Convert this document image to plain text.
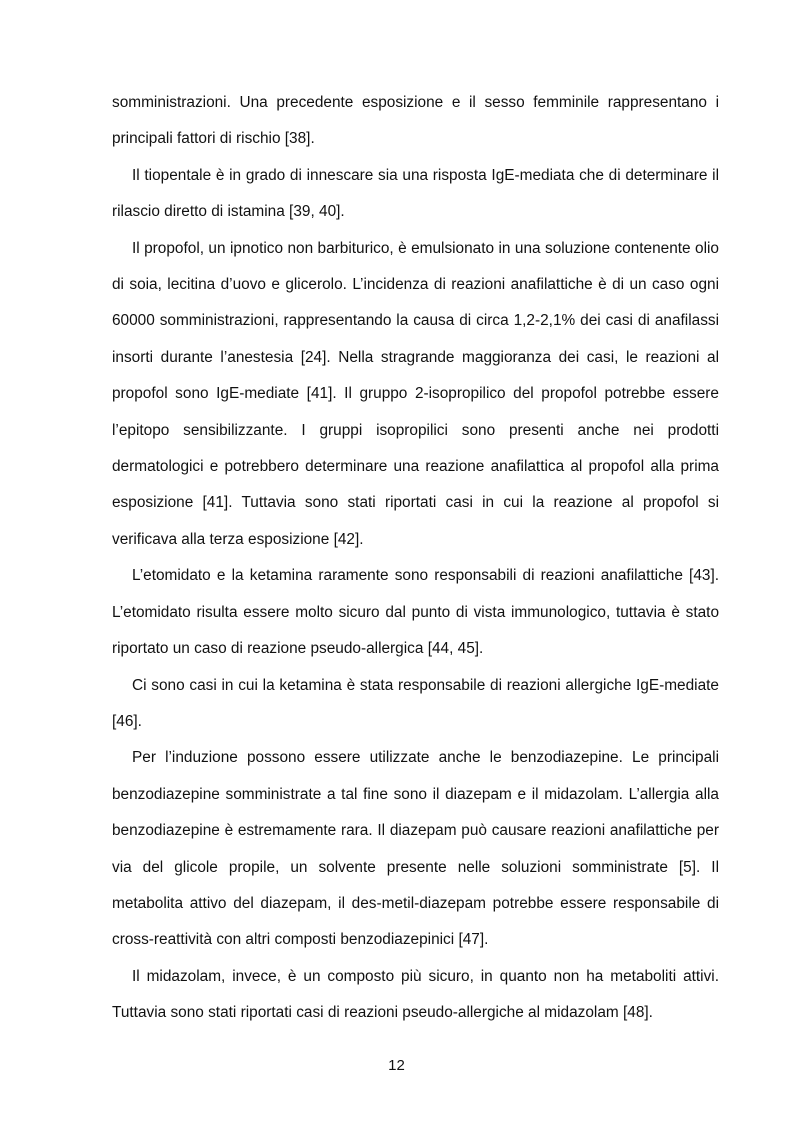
somministrazioni. Una precedente esposizione e il sesso femminile rappresentano i principali fattori di rischio [38].

Il tiopentale è in grado di innescare sia una risposta IgE-mediata che di determinare il rilascio diretto di istamina [39, 40].

Il propofol, un ipnotico non barbiturico, è emulsionato in una soluzione contenente olio di soia, lecitina d’uovo e glicerolo. L’incidenza di reazioni anafilattiche è di un caso ogni 60000 somministrazioni, rappresentando la causa di circa 1,2-2,1% dei casi di anafilassi insorti durante l’anestesia [24]. Nella stragrande maggioranza dei casi, le reazioni al propofol sono IgE-mediate [41]. Il gruppo 2-isopropilico del propofol potrebbe essere l’epitopo sensibilizzante. I gruppi isopropilici sono presenti anche nei prodotti dermatologici e potrebbero determinare una reazione anafilattica al propofol alla prima esposizione [41]. Tuttavia sono stati riportati casi in cui la reazione al propofol si verificava alla terza esposizione [42].

L’etomidato e la ketamina raramente sono responsabili di reazioni anafilattiche [43]. L’etomidato risulta essere molto sicuro dal punto di vista immunologico, tuttavia è stato riportato un caso di reazione pseudo-allergica [44, 45].

Ci sono casi in cui la ketamina è stata responsabile di reazioni allergiche IgE-mediate [46].

Per l’induzione possono essere utilizzate anche le benzodiazepine. Le principali benzodiazepine somministrate a tal fine sono il diazepam e il midazolam. L’allergia alla benzodiazepine è estremamente rara. Il diazepam può causare reazioni anafilattiche per via del glicole propile, un solvente presente nelle soluzioni somministrate [5]. Il metabolita attivo del diazepam, il des-metil-diazepam potrebbe essere responsabile di cross-reattività con altri composti benzodiazepinici [47].

Il midazolam, invece, è un composto più sicuro, in quanto non ha metaboliti attivi. Tuttavia sono stati riportati casi di reazioni pseudo-allergiche al midazolam [48].

12
